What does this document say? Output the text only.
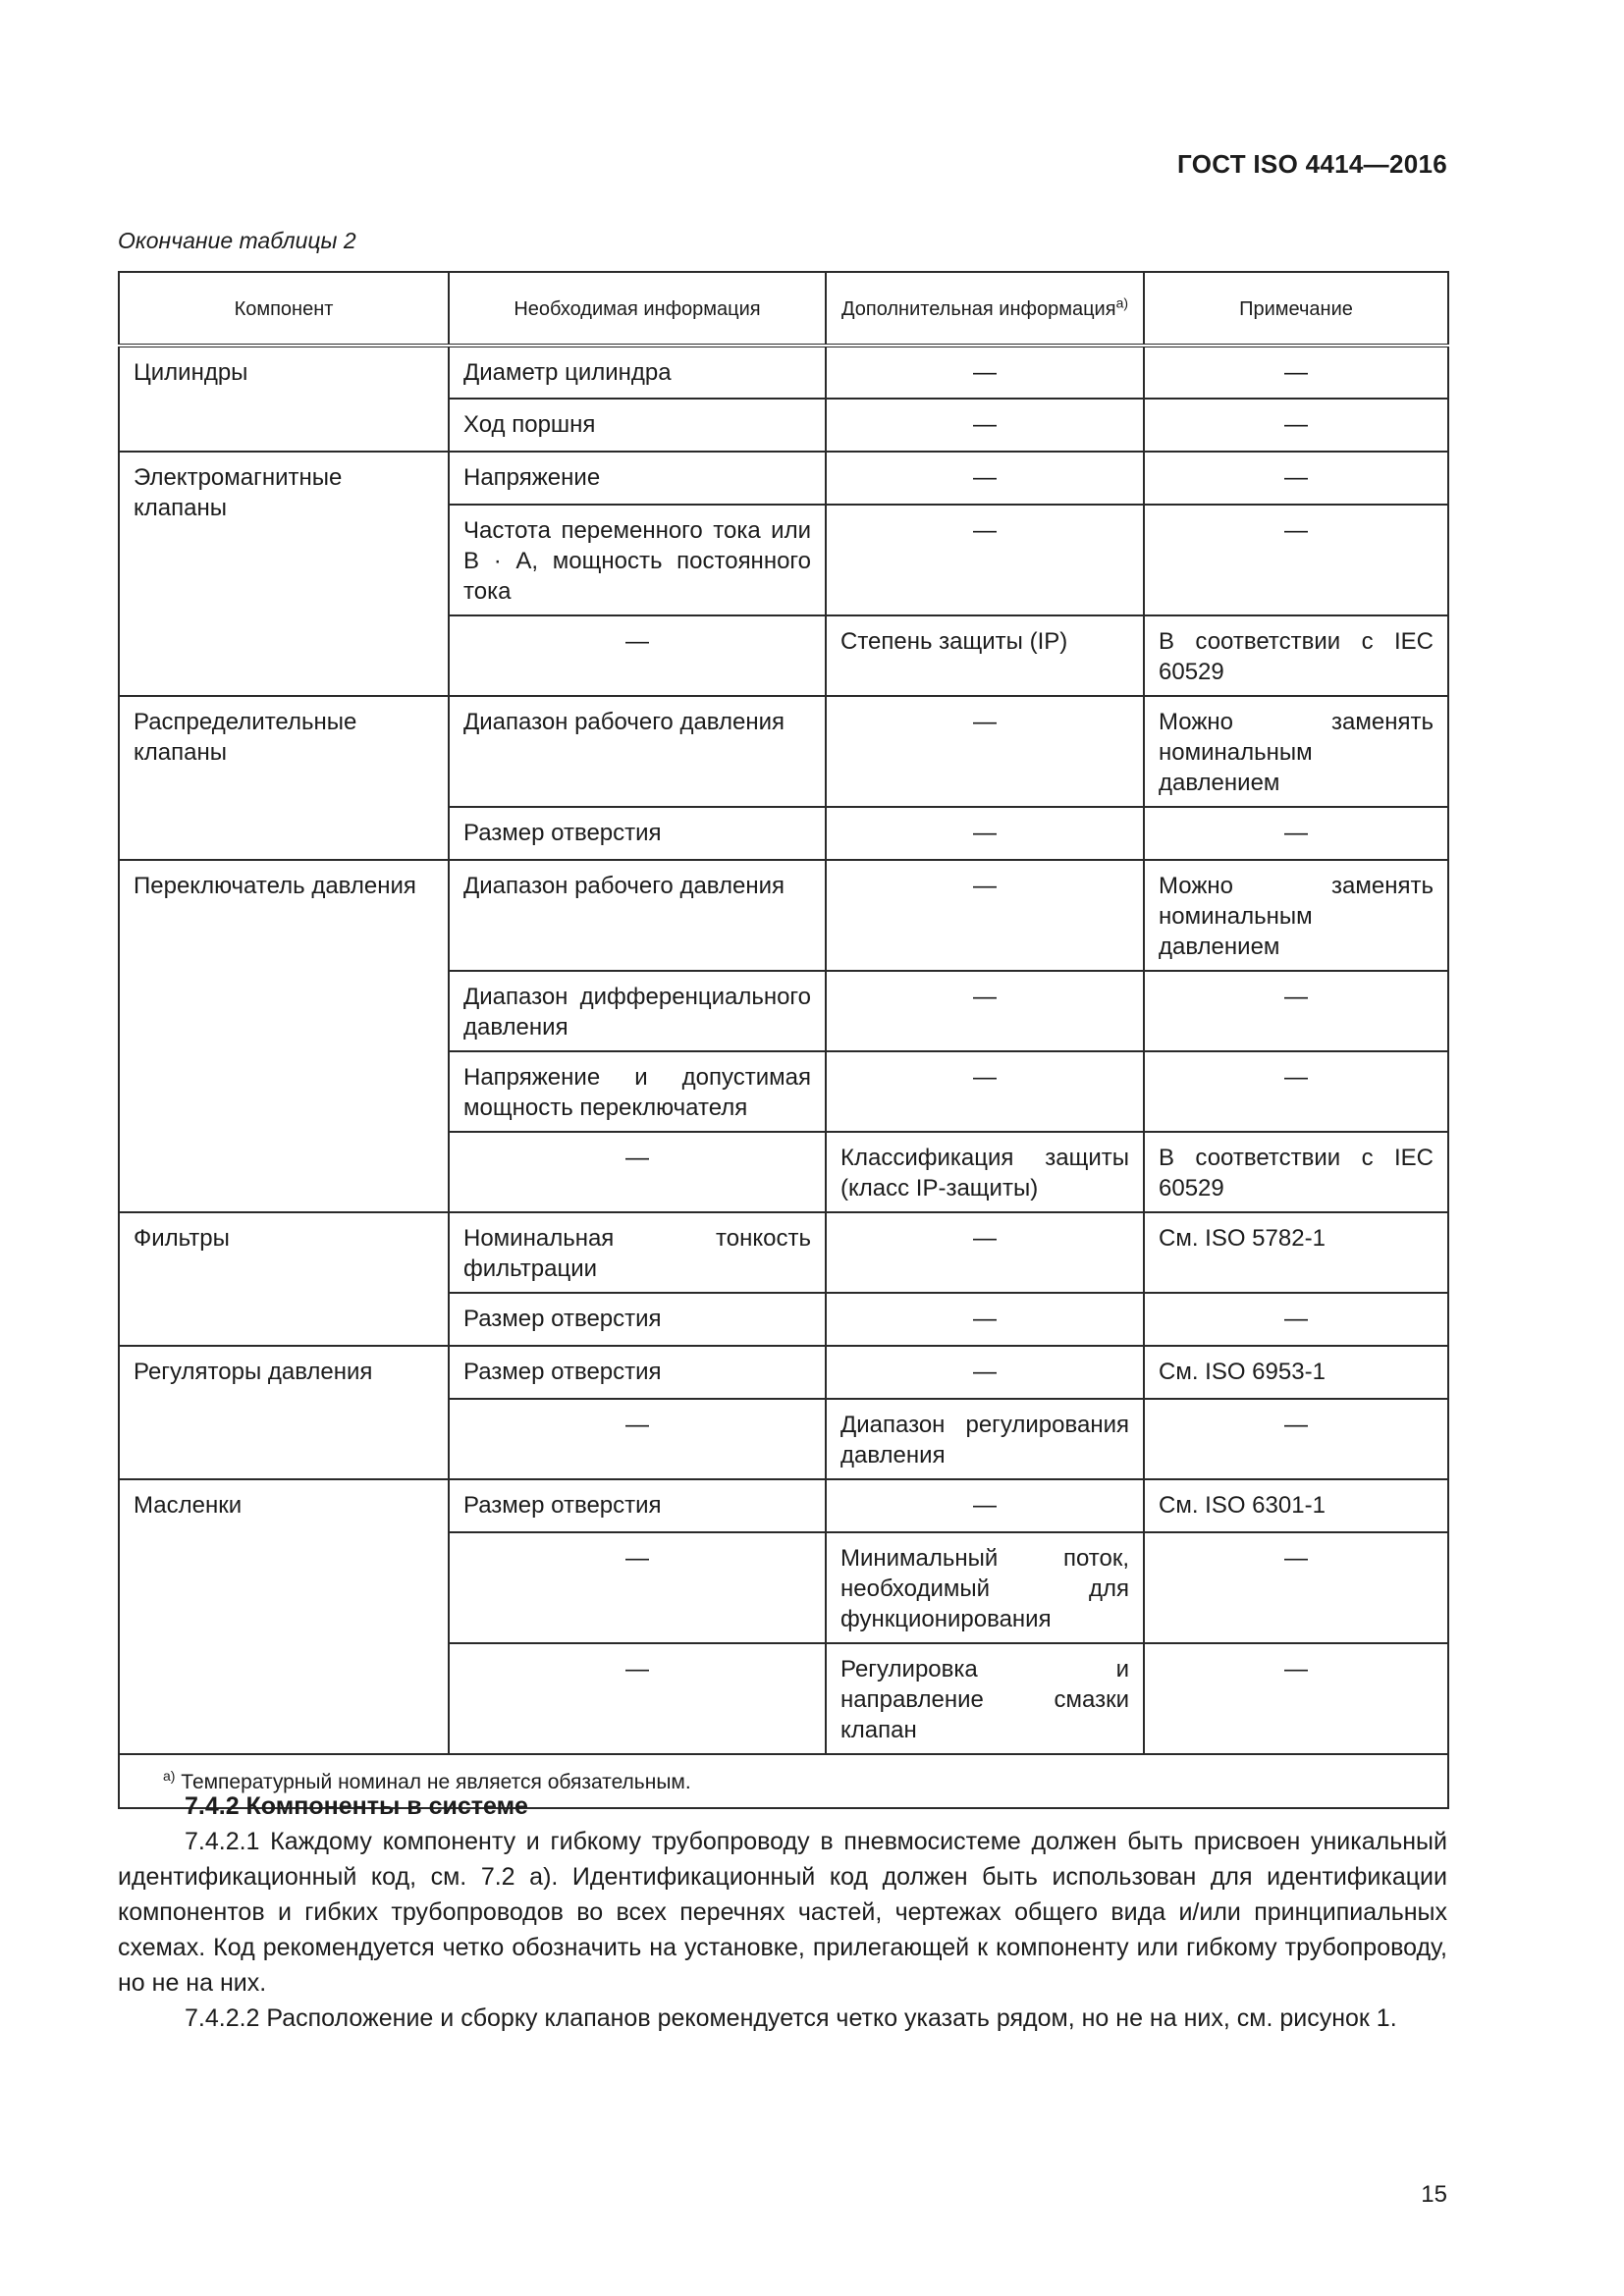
ГОСТ ISO 4414—2016
Окончание таблицы 2
Компонент	Необходимая информация	Дополнительная информация$^{a)}$	Примечание
Цилиндры	Диаметр цилиндра	—	—
	Ход поршня	—	—
Электромагнитные клапаны	Напряжение	—	—
	Частота переменного тока или В · А, мощность постоянного тока	—	—
	—	Степень защиты (IP)	В соответствии с IEC 60529
Распределительные клапаны	Диапазон рабочего давления	—	Можно заменять номинальным давлением
	Размер отверстия	—	—
Переключатель давления	Диапазон рабочего давления	—	Можно заменять номинальным давлением
	Диапазон дифференциального давления	—	—
	Напряжение и допустимая мощность переключателя	—	—
	—	Классификация защиты (класс IP-защиты)	В соответствии с IEC 60529
Фильтры	Номинальная тонкость фильтрации	—	См. ISO 5782-1
	Размер отверстия	—	—
Регуляторы давления	Размер отверстия	—	См. ISO 6953-1
	—	Диапазон регулирования давления	—
Масленки	Размер отверстия	—	См. ISO 6301-1
	—	Минимальный поток, необходимый для функционирования	—
	—	Регулировка и направление смазки клапан	—
$^{a)}$ Температурный номинал не является обязательным.			
7.4.2 Компоненты в системе
7.4.2.1 Каждому компоненту и гибкому трубопроводу в пневмосистеме должен быть присвоен уникальный идентификационный код, см. 7.2 а). Идентификационный код должен быть использован для идентификации компонентов и гибких трубопроводов во всех перечнях частей, чертежах общего вида и/или принципиальных схемах. Код рекомендуется четко обозначить на установке, прилегающей к компоненту или гибкому трубопроводу, но не на них.
7.4.2.2 Расположение и сборку клапанов рекомендуется четко указать рядом, но не на них, см. рисунок 1.
15
